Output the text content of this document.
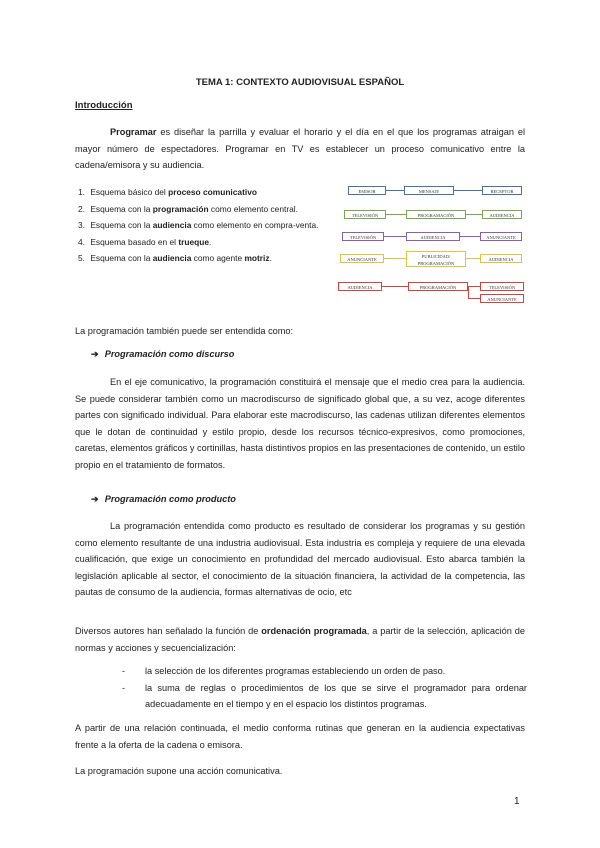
TEMA 1: CONTEXTO AUDIOVISUAL ESPAÑOL
Introducción

Programar es diseñar la parrilla y evaluar el horario y el día en el que los programas atraigan el mayor número de espectadores. Programar en TV es establecer un proceso comunicativo entre la cadena/emisora y su audiencia.

1. Esquema básico del proceso comunicativo
2. Esquema con la programación como elemento central.
3. Esquema con la audiencia como elemento en compra-venta.
4. Esquema basado en el trueque.
5. Esquema con la audiencia como agente motriz.
EMISOR	MENSAJE	RECEPTOR
TELEVISIÓN	PROGRAMACIÓN	AUDIENCIA
TELEVISIÓN	AUDIENCIA	ANUNCIANTE
ANUNCIANTE
PUBLICIDAD/ PROGRAMACIÓN
AUDIENCIA
AUDIENCIA	PROGRAMACIÓN	TELEVISIÓN
ANUNCIANTE

La programación también puede ser entendida como:

➔ Programación como discurso

En el eje comunicativo, la programación constituirá el mensaje que el medio crea para la audiencia. Se puede considerar también como un macrodiscurso de significado global que, a su vez, acoge diferentes partes con significado individual. Para elaborar este macrodiscurso, las cadenas utilizan diferentes elementos que le dotan de continuidad y estilo propio, desde los recursos técnico-expresivos, como promociones, caretas, elementos gráficos y cortinillas, hasta distintivos propios en las presentaciones de contenido, un estilo propio en el tratamiento de formatos.

➔ Programación como producto

La programación entendida como producto es resultado de considerar los programas y su gestión como elemento resultante de una industria audiovisual. Esta industria es compleja y requiere de una elevada cualificación, que exige un conocimiento en profundidad del mercado audiovisual. Esto abarca también la legislación aplicable al sector, el conocimiento de la situación financiera, la actividad de la competencia, las pautas de consumo de la audiencia, formas alternativas de ocio, etc

Diversos autores han señalado la función de ordenación programada, a partir de la selección, aplicación de normas y acciones y secuencialización:

- la selección de los diferentes programas estableciendo un orden de paso.
- la suma de reglas o procedimientos de los que se sirve el programador para ordenar adecuadamente en el tiempo y en el espacio los distintos programas.

A partir de una relación continuada, el medio conforma rutinas que generan en la audiencia expectativas frente a la oferta de la cadena o emisora.

La programación supone una acción comunicativa.

1
